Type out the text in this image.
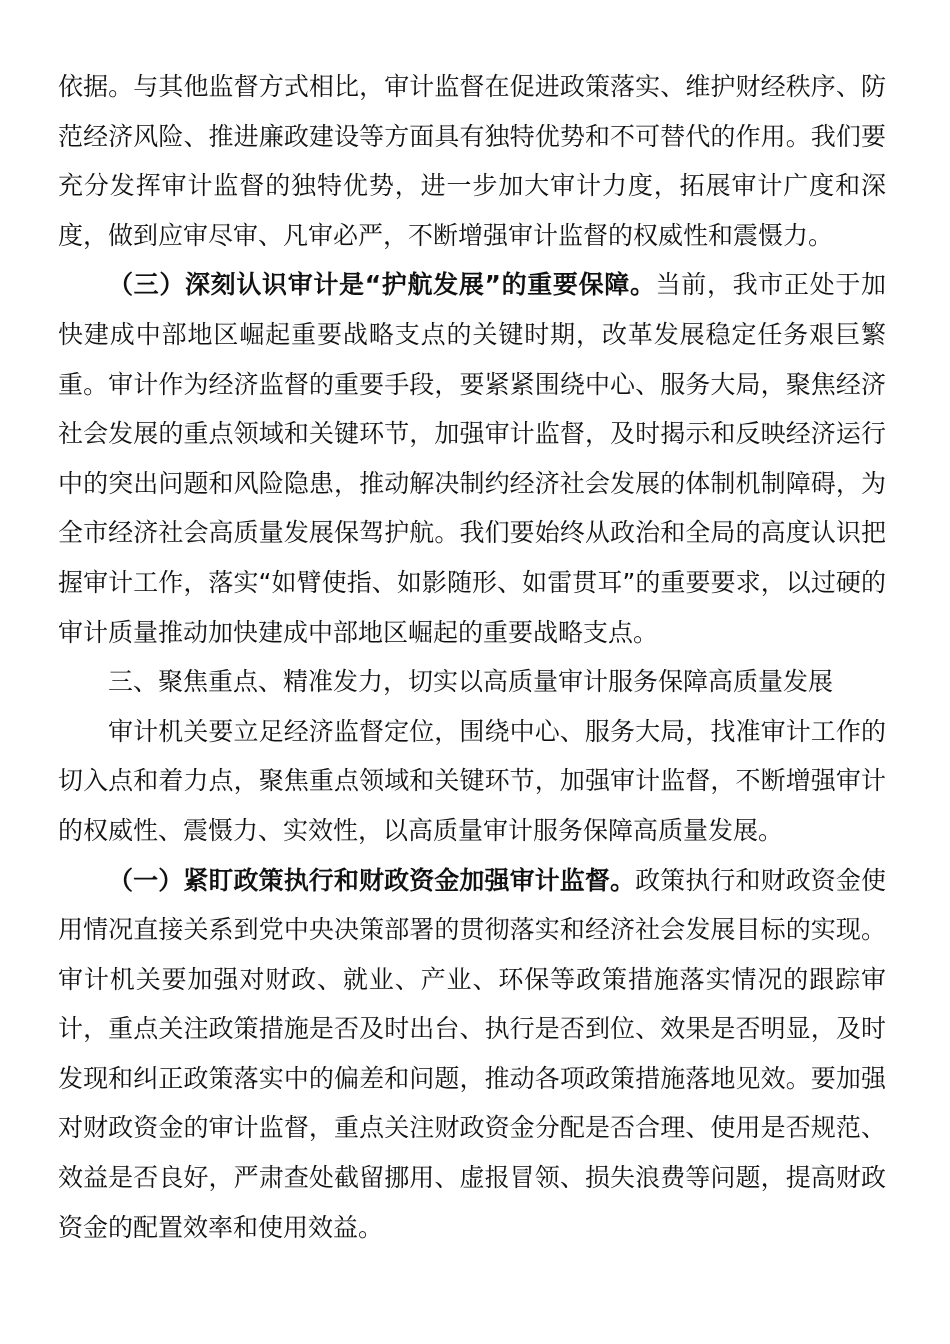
依据。与其他监督方式相比，审计监督在促进政策落实、维护财经秩序、防范经济风险、推进廉政建设等方面具有独特优势和不可替代的作用。我们要充分发挥审计监督的独特优势，进一步加大审计力度，拓展审计广度和深度，做到应审尽审、凡审必严，不断增强审计监督的权威性和震慑力。

（三）深刻认识审计是“护航发展”的重要保障。当前，我市正处于加快建成中部地区崛起重要战略支点的关键时期，改革发展稳定任务艰巨繁重。审计作为经济监督的重要手段，要紧紧围绕中心、服务大局，聚焦经济社会发展的重点领域和关键环节，加强审计监督，及时揭示和反映经济运行中的突出问题和风险隐患，推动解决制约经济社会发展的体制机制障碍，为全市经济社会高质量发展保驾护航。我们要始终从政治和全局的高度认识把握审计工作，落实“如臂使指、如影随形、如雷贯耳”的重要要求，以过硬的审计质量推动加快建成中部地区崛起的重要战略支点。

三、聚焦重点、精准发力，切实以高质量审计服务保障高质量发展

审计机关要立足经济监督定位，围绕中心、服务大局，找准审计工作的切入点和着力点，聚焦重点领域和关键环节，加强审计监督，不断增强审计的权威性、震慑力、实效性，以高质量审计服务保障高质量发展。

（一）紧盯政策执行和财政资金加强审计监督。政策执行和财政资金使用情况直接关系到党中央决策部署的贯彻落实和经济社会发展目标的实现。审计机关要加强对财政、就业、产业、环保等政策措施落实情况的跟踪审计，重点关注政策措施是否及时出台、执行是否到位、效果是否明显，及时发现和纠正政策落实中的偏差和问题，推动各项政策措施落地见效。要加强对财政资金的审计监督，重点关注财政资金分配是否合理、使用是否规范、效益是否良好，严肃查处截留挪用、虚报冒领、损失浪费等问题，提高财政资金的配置效率和使用效益。
